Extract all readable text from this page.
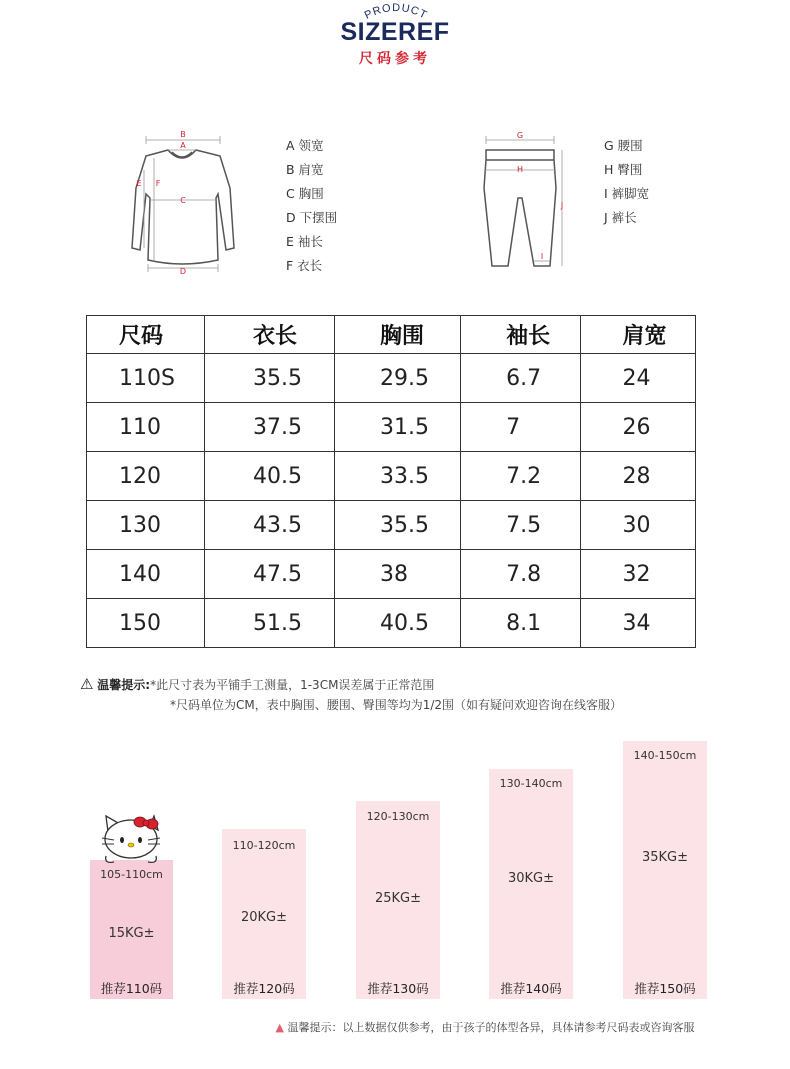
PRODUCT
SIZEREF
尺码参考
B
A
C
D
E F
A 领宽
B 肩宽
C 胸围
D 下摆围
E 袖长
F 衣长
G
H
I
J
G 腰围
H 臀围
I 裤脚宽
J 裤长
尺码	衣长	胸围	袖长	肩宽
110S	35.5	29.5	6.7	24
110	37.5	31.5	7	26
120	40.5	33.5	7.2	28
130	43.5	35.5	7.5	30
140	47.5	38	7.8	32
150	51.5	40.5	8.1	34
⚠ 温馨提示:*此尺寸表为平铺手工测量，1-3CM误差属于正常范围
*尺码单位为CM，表中胸围、腰围、臀围等均为1/2围（如有疑问欢迎咨询在线客服）
105-110cm
15KG±
推荐110码
110-120cm
20KG±
推荐120码
120-130cm
25KG±
推荐130码
130-140cm
30KG±
推荐140码
140-150cm
35KG±
推荐150码
▲ 温馨提示：以上数据仅供参考，由于孩子的体型各异，具体请参考尺码表或咨询客服
